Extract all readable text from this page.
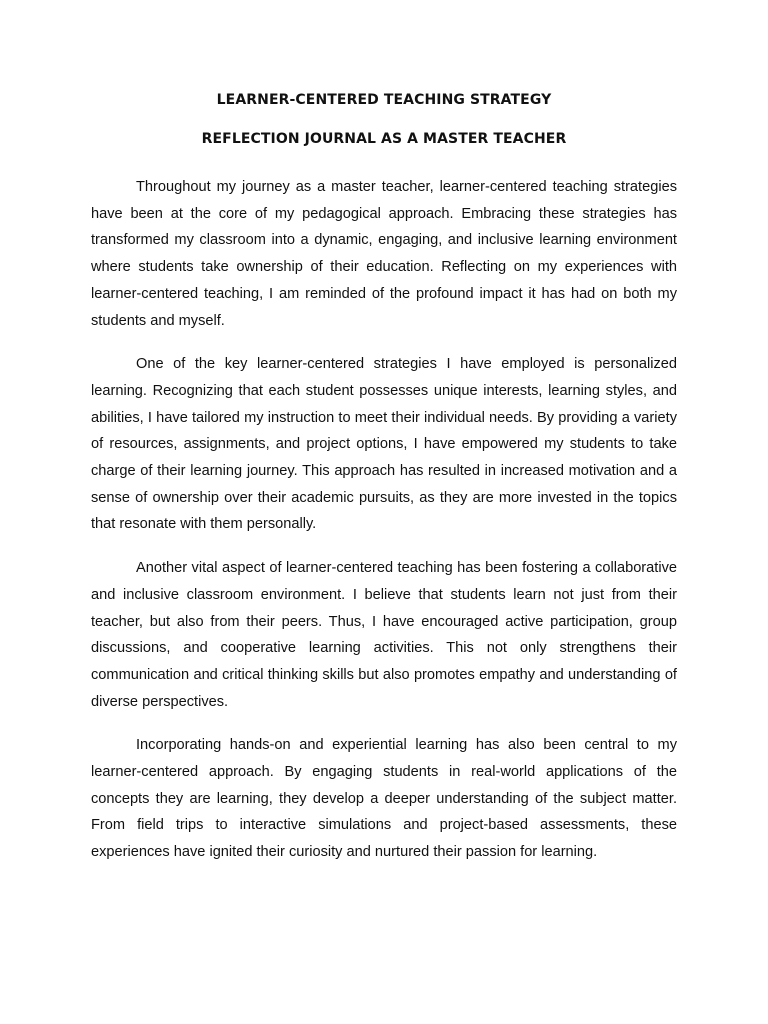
LEARNER-CENTERED TEACHING STRATEGY
REFLECTION JOURNAL AS A MASTER TEACHER

Throughout my journey as a master teacher, learner-centered teaching strategies have been at the core of my pedagogical approach. Embracing these strategies has transformed my classroom into a dynamic, engaging, and inclusive learning environment where students take ownership of their education. Reflecting on my experiences with learner-centered teaching, I am reminded of the profound impact it has had on both my students and myself.

One of the key learner-centered strategies I have employed is personalized learning. Recognizing that each student possesses unique interests, learning styles, and abilities, I have tailored my instruction to meet their individual needs. By providing a variety of resources, assignments, and project options, I have empowered my students to take charge of their learning journey. This approach has resulted in increased motivation and a sense of ownership over their academic pursuits, as they are more invested in the topics that resonate with them personally.

Another vital aspect of learner-centered teaching has been fostering a collaborative and inclusive classroom environment. I believe that students learn not just from their teacher, but also from their peers. Thus, I have encouraged active participation, group discussions, and cooperative learning activities. This not only strengthens their communication and critical thinking skills but also promotes empathy and understanding of diverse perspectives.

Incorporating hands-on and experiential learning has also been central to my learner-centered approach. By engaging students in real-world applications of the concepts they are learning, they develop a deeper understanding of the subject matter. From field trips to interactive simulations and project-based assessments, these experiences have ignited their curiosity and nurtured their passion for learning.
